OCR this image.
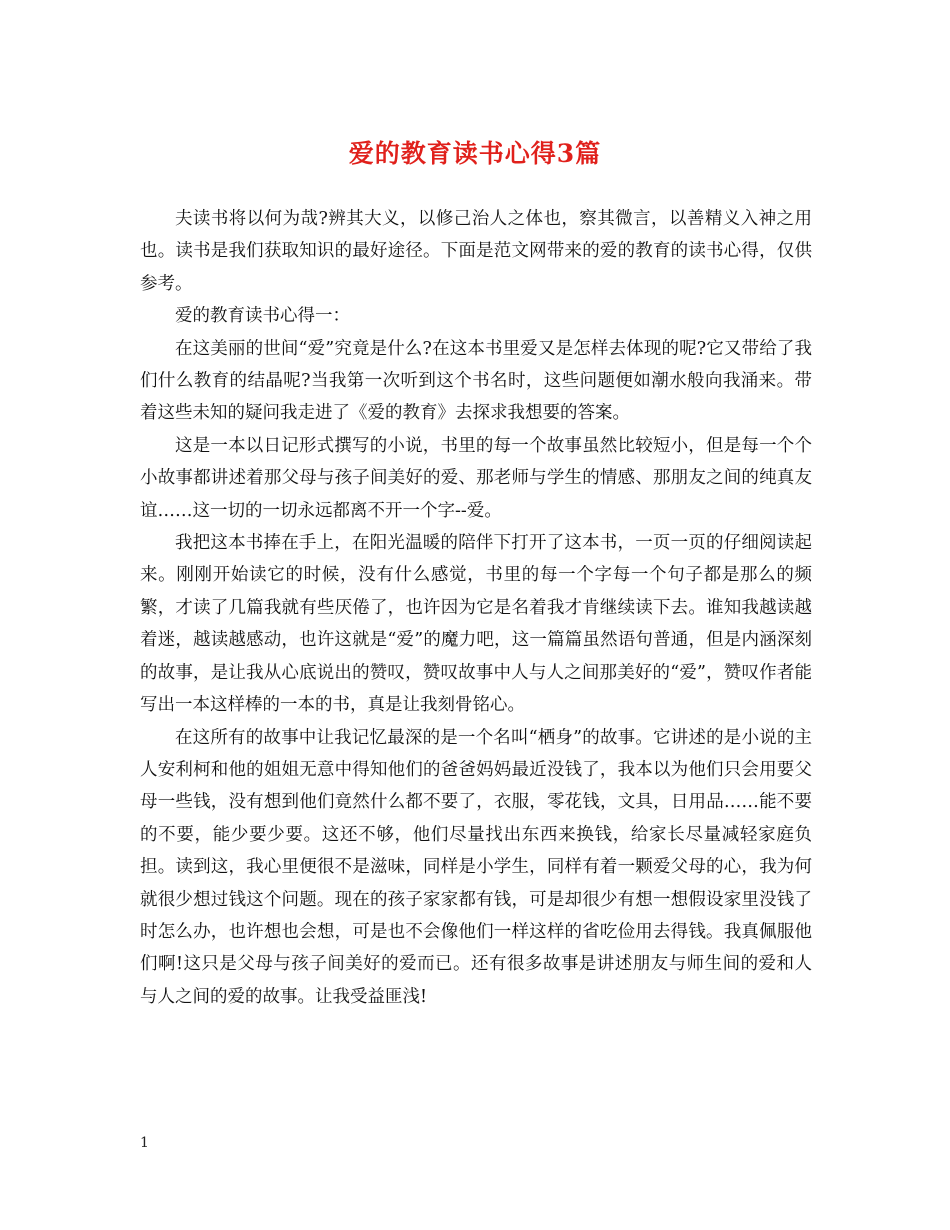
爱的教育读书心得3篇

夫读书将以何为哉?辨其大义，以修己治人之体也，察其微言，以善精义入神之用也。读书是我们获取知识的最好途径。下面是范文网带来的爱的教育的读书心得，仅供参考。

爱的教育读书心得一：

在这美丽的世间“爱”究竟是什么?在这本书里爱又是怎样去体现的呢?它又带给了我们什么教育的结晶呢?当我第一次听到这个书名时，这些问题便如潮水般向我涌来。带着这些未知的疑问我走进了《爱的教育》去探求我想要的答案。

这是一本以日记形式撰写的小说，书里的每一个故事虽然比较短小，但是每一个个小故事都讲述着那父母与孩子间美好的爱、那老师与学生的情感、那朋友之间的纯真友谊……这一切的一切永远都离不开一个字--爱。

我把这本书捧在手上，在阳光温暖的陪伴下打开了这本书，一页一页的仔细阅读起来。刚刚开始读它的时候，没有什么感觉，书里的每一个字每一个句子都是那么的频繁，才读了几篇我就有些厌倦了，也许因为它是名着我才肯继续读下去。谁知我越读越着迷，越读越感动，也许这就是“爱”的魔力吧，这一篇篇虽然语句普通，但是内涵深刻的故事，是让我从心底说出的赞叹，赞叹故事中人与人之间那美好的“爱”，赞叹作者能写出一本这样棒的一本的书，真是让我刻骨铭心。

在这所有的故事中让我记忆最深的是一个名叫“栖身”的故事。它讲述的是小说的主人安利柯和他的姐姐无意中得知他们的爸爸妈妈最近没钱了，我本以为他们只会用要父母一些钱，没有想到他们竟然什么都不要了，衣服，零花钱，文具，日用品……能不要的不要，能少要少要。这还不够，他们尽量找出东西来换钱，给家长尽量减轻家庭负担。读到这，我心里便很不是滋味，同样是小学生，同样有着一颗爱父母的心，我为何就很少想过钱这个问题。现在的孩子家家都有钱，可是却很少有想一想假设家里没钱了时怎么办，也许想也会想，可是也不会像他们一样这样的省吃俭用去得钱。我真佩服他们啊!这只是父母与孩子间美好的爱而已。还有很多故事是讲述朋友与师生间的爱和人与人之间的爱的故事。让我受益匪浅!

1
